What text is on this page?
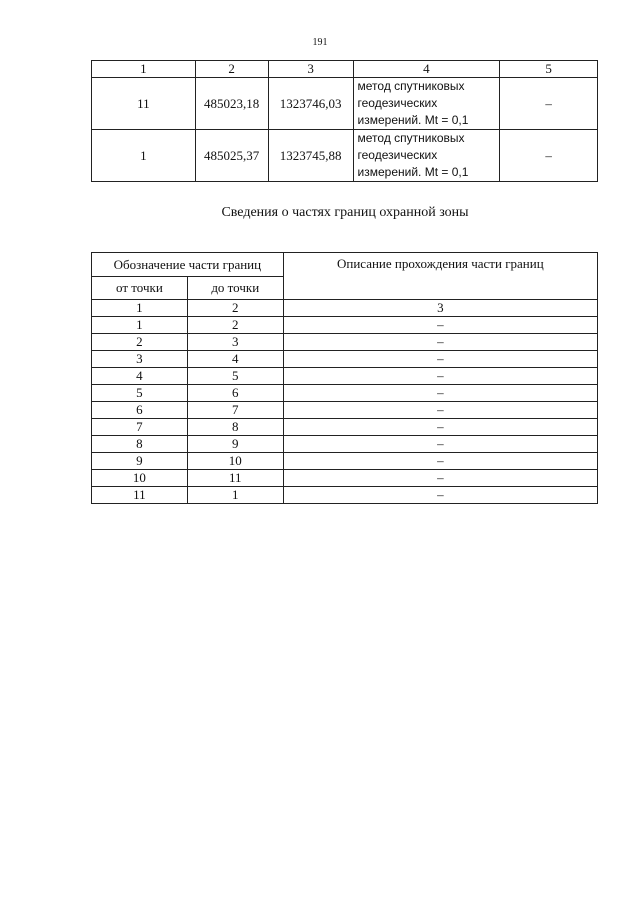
191
1	2	3	4	5
11	485023,18	1323746,03	метод спутниковых
геодезических
измерений. Mt = 0,1	–
1	485025,37	1323745,88	метод спутниковых
геодезических
измерений. Mt = 0,1	–
Сведения о частях границ охранной зоны
Обозначение части границ		Описание прохождения части границ
от точки	до точки	
1	2	3
1	2	–
2	3	–
3	4	–
4	5	–
5	6	–
6	7	–
7	8	–
8	9	–
9	10	–
10	11	–
11	1	–
